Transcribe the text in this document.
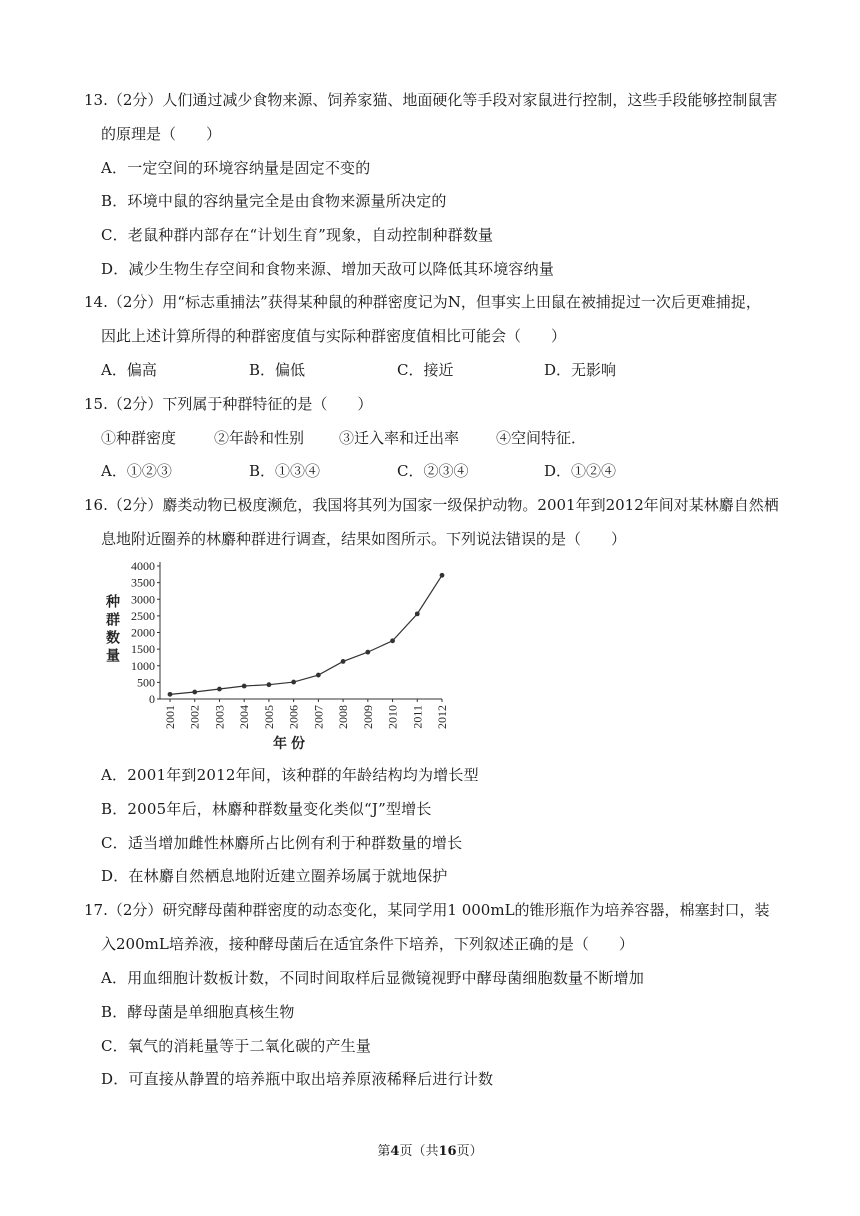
13.（2分）人们通过减少食物来源、饲养家猫、地面硬化等手段对家鼠进行控制，这些手段能够控制鼠害
的原理是（　　）
A．一定空间的环境容纳量是固定不变的
B．环境中鼠的容纳量完全是由食物来源量所决定的
C．老鼠种群内部存在“计划生育”现象，自动控制种群数量
D．减少生物生存空间和食物来源、增加天敌可以降低其环境容纳量
14.（2分）用“标志重捕法”获得某种鼠的种群密度记为N，但事实上田鼠在被捕捉过一次后更难捕捉，
因此上述计算所得的种群密度值与实际种群密度值相比可能会（　　）
A．偏高	B．偏低	C．接近	D．无影响
15.（2分）下列属于种群特征的是（　　）
①种群密度	②年龄和性别 ③迁入率和迁出率 ④空间特征．
A．①②③	B．①③④	C．②③④	D．①②④
16.（2分）麝类动物已极度濒危，我国将其列为国家一级保护动物。2001年到2012年间对某林麝自然栖
息地附近圈养的林麝种群进行调查，结果如图所示。下列说法错误的是（　　）
0
500
1000
1500
2000
2500
3000
3500
4000
2001 2002 2003 2004 2005 2006 2007 2008 2009 2010 2011 2012
种群数量
年份
A．2001年到2012年间，该种群的年龄结构均为增长型
B．2005年后，林麝种群数量变化类似“J”型增长
C．适当增加雌性林麝所占比例有利于种群数量的增长
D．在林麝自然栖息地附近建立圈养场属于就地保护
17.（2分）研究酵母菌种群密度的动态变化，某同学用1 000mL的锥形瓶作为培养容器，棉塞封口，装
入200mL培养液，接种酵母菌后在适宜条件下培养，下列叙述正确的是（　　）
A．用血细胞计数板计数，不同时间取样后显微镜视野中酵母菌细胞数量不断增加
B．酵母菌是单细胞真核生物
C．氧气的消耗量等于二氧化碳的产生量
D．可直接从静置的培养瓶中取出培养原液稀释后进行计数
第4页（共16页）
